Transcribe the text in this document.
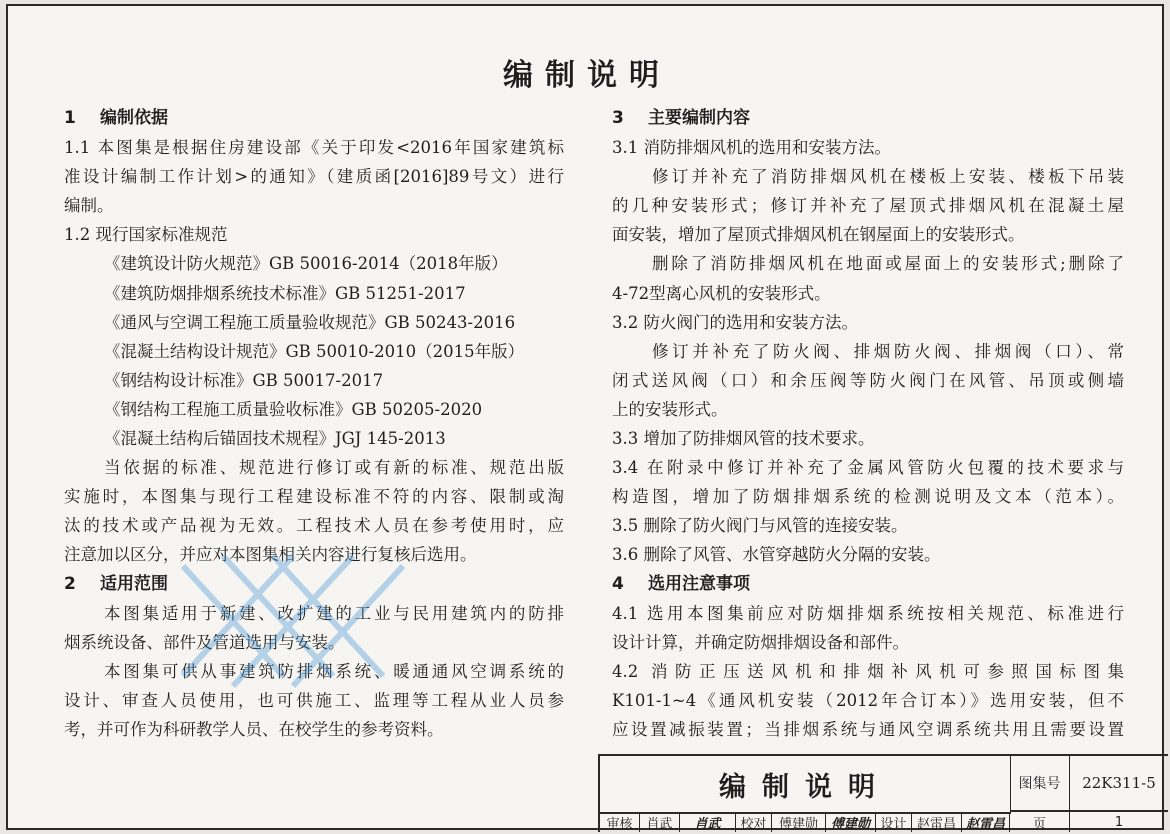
编制说明
1 编制依据
1.1 本图集是根据住房建设部《关于印发<2016年国家建筑标
准设计编制工作计划>的通知》（建质函[2016]89号文）进行
编制。
1.2 现行国家标准规范
《建筑设计防火规范》GB 50016-2014（2018年版）
《建筑防烟排烟系统技术标准》GB 51251-2017
《通风与空调工程施工质量验收规范》GB 50243-2016
《混凝土结构设计规范》GB 50010-2010（2015年版）
《钢结构设计标准》GB 50017-2017
《钢结构工程施工质量验收标准》GB 50205-2020
《混凝土结构后锚固技术规程》JGJ 145-2013
当依据的标准、规范进行修订或有新的标准、规范出版
实施时，本图集与现行工程建设标准不符的内容、限制或淘
汰的技术或产品视为无效。工程技术人员在参考使用时，应
注意加以区分，并应对本图集相关内容进行复核后选用。
2 适用范围
本图集适用于新建、改扩建的工业与民用建筑内的防排
烟系统设备、部件及管道选用与安装。
本图集可供从事建筑防排烟系统、暖通通风空调系统的
设计、审查人员使用，也可供施工、监理等工程从业人员参
考，并可作为科研教学人员、在校学生的参考资料。
3 主要编制内容
3.1 消防排烟风机的选用和安装方法。
修订并补充了消防排烟风机在楼板上安装、楼板下吊装
的几种安装形式；修订并补充了屋顶式排烟风机在混凝土屋
面安装，增加了屋顶式排烟风机在钢屋面上的安装形式。
删除了消防排烟风机在地面或屋面上的安装形式;删除了
4-72型离心风机的安装形式。
3.2 防火阀门的选用和安装方法。
修订并补充了防火阀、排烟防火阀、排烟阀（口）、常
闭式送风阀（口）和余压阀等防火阀门在风管、吊顶或侧墙
上的安装形式。
3.3 增加了防排烟风管的技术要求。
3.4 在附录中修订并补充了金属风管防火包覆的技术要求与
构造图，增加了防烟排烟系统的检测说明及文本（范本）。
3.5 删除了防火阀门与风管的连接安装。
3.6 删除了风管、水管穿越防火分隔的安装。
4 选用注意事项
4.1 选用本图集前应对防烟排烟系统按相关规范、标准进行
设计计算，并确定防烟排烟设备和部件。
4.2 消防正压送风机和排烟补风机可参照国标图集
K101-1~4《通风机安装（2012年合订本）》选用安装，但不
应设置减振装置；当排烟系统与通风空调系统共用且需要设置
编制说明	图集号	22K311-5
审核	肖武	肖武	校对 傅建勋 傅建勋 设计 赵雷昌 赵雷昌	页	1
